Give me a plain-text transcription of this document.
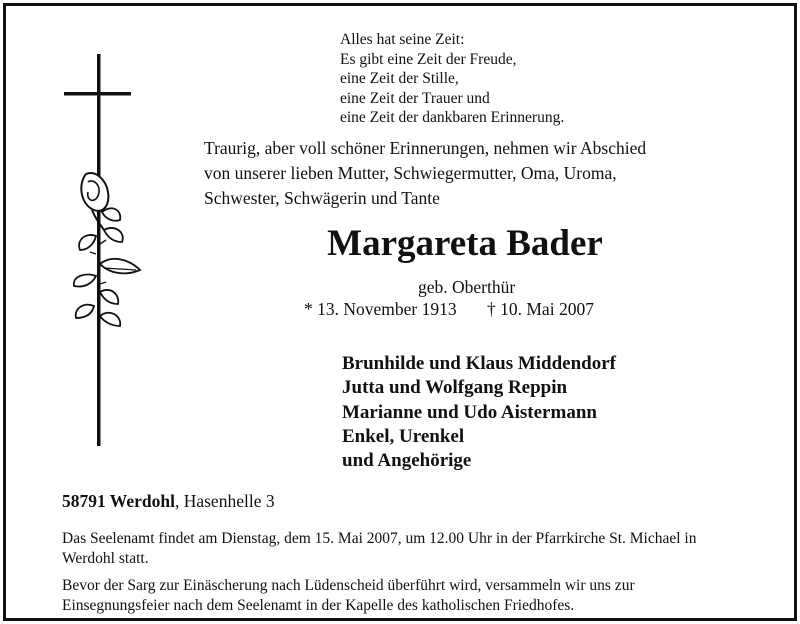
Alles hat seine Zeit:
Es gibt eine Zeit der Freude,
eine Zeit der Stille,
eine Zeit der Trauer und
eine Zeit der dankbaren Erinnerung.
Traurig, aber voll schöner Erinnerungen, nehmen wir Abschied
von unserer lieben Mutter, Schwiegermutter, Oma, Uroma,
Schwester, Schwägerin und Tante
Margareta Bader
geb. Oberthür
* 13. November 1913 † 10. Mai 2007
Brunhilde und Klaus Middendorf
Jutta und Wolfgang Reppin
Marianne und Udo Aistermann
Enkel, Urenkel
und Angehörige
58791 Werdohl, Hasenhelle 3
Das Seelenamt findet am Dienstag, dem 15. Mai 2007, um 12.00 Uhr in der Pfarrkirche St. Michael in Werdohl statt.
Bevor der Sarg zur Einäscherung nach Lüdenscheid überführt wird, versammeln wir uns zur Einsegnungsfeier nach dem Seelenamt in der Kapelle des katholischen Friedhofes.
